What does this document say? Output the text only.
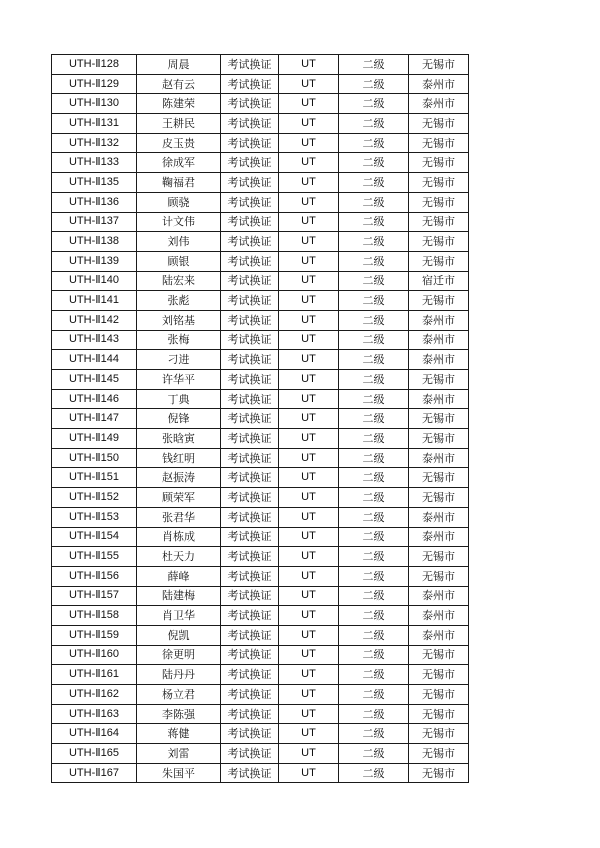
UTH-Ⅱ128	周晨	考试换证	UT	二级	无锡市
UTH-Ⅱ129	赵有云	考试换证	UT	二级	泰州市
UTH-Ⅱ130	陈建荣	考试换证	UT	二级	泰州市
UTH-Ⅱ131	王耕民	考试换证	UT	二级	无锡市
UTH-Ⅱ132	皮玉贵	考试换证	UT	二级	无锡市
UTH-Ⅱ133	徐成军	考试换证	UT	二级	无锡市
UTH-Ⅱ135	鞠福君	考试换证	UT	二级	无锡市
UTH-Ⅱ136	顾骁	考试换证	UT	二级	无锡市
UTH-Ⅱ137	计文伟	考试换证	UT	二级	无锡市
UTH-Ⅱ138	刘伟	考试换证	UT	二级	无锡市
UTH-Ⅱ139	顾银	考试换证	UT	二级	无锡市
UTH-Ⅱ140	陆宏来	考试换证	UT	二级	宿迁市
UTH-Ⅱ141	张彪	考试换证	UT	二级	无锡市
UTH-Ⅱ142	刘铭基	考试换证	UT	二级	泰州市
UTH-Ⅱ143	张梅	考试换证	UT	二级	泰州市
UTH-Ⅱ144	刁进	考试换证	UT	二级	泰州市
UTH-Ⅱ145	许华平	考试换证	UT	二级	无锡市
UTH-Ⅱ146	丁典	考试换证	UT	二级	泰州市
UTH-Ⅱ147	倪锋	考试换证	UT	二级	无锡市
UTH-Ⅱ149	张晗寅	考试换证	UT	二级	无锡市
UTH-Ⅱ150	钱红明	考试换证	UT	二级	泰州市
UTH-Ⅱ151	赵振涛	考试换证	UT	二级	无锡市
UTH-Ⅱ152	顾荣军	考试换证	UT	二级	无锡市
UTH-Ⅱ153	张君华	考试换证	UT	二级	泰州市
UTH-Ⅱ154	肖栋成	考试换证	UT	二级	泰州市
UTH-Ⅱ155	杜天力	考试换证	UT	二级	无锡市
UTH-Ⅱ156	薛峰	考试换证	UT	二级	无锡市
UTH-Ⅱ157	陆建梅	考试换证	UT	二级	泰州市
UTH-Ⅱ158	肖卫华	考试换证	UT	二级	泰州市
UTH-Ⅱ159	倪凯	考试换证	UT	二级	泰州市
UTH-Ⅱ160	徐更明	考试换证	UT	二级	无锡市
UTH-Ⅱ161	陆丹丹	考试换证	UT	二级	无锡市
UTH-Ⅱ162	杨立君	考试换证	UT	二级	无锡市
UTH-Ⅱ163	李陈强	考试换证	UT	二级	无锡市
UTH-Ⅱ164	蒋健	考试换证	UT	二级	无锡市
UTH-Ⅱ165	刘雷	考试换证	UT	二级	无锡市
UTH-Ⅱ167	朱国平	考试换证	UT	二级	无锡市
